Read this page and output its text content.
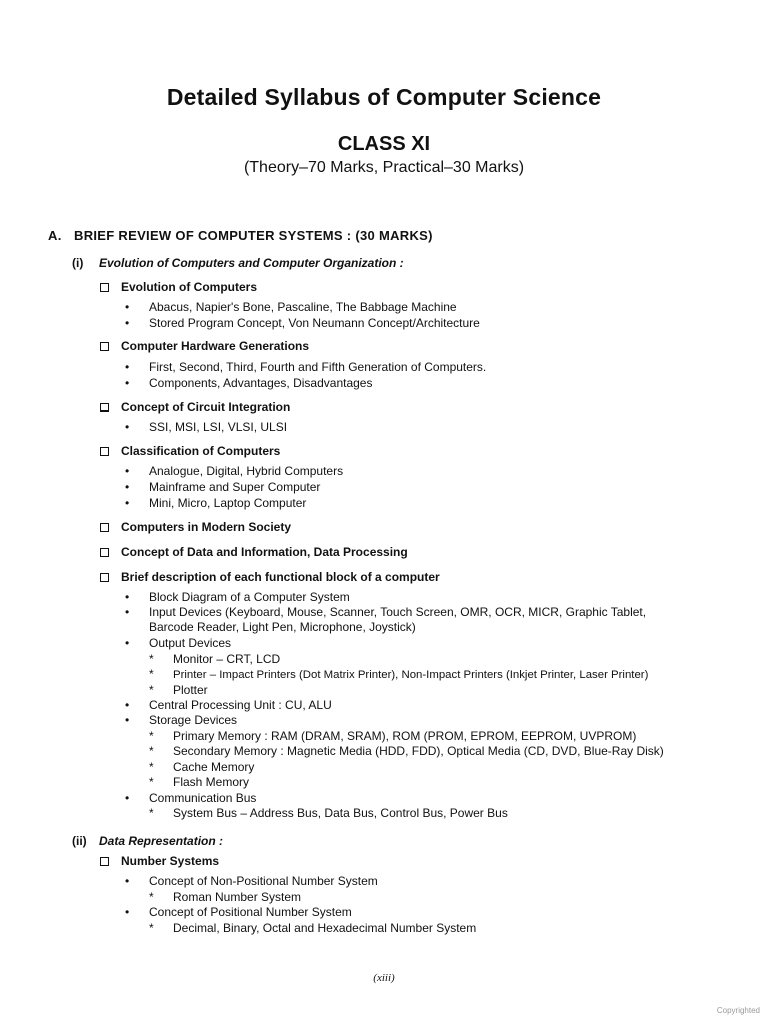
Detailed Syllabus of Computer Science
CLASS XI
(Theory–70 Marks, Practical–30 Marks)
A. BRIEF REVIEW OF COMPUTER SYSTEMS : (30 MARKS)
(i) Evolution of Computers and Computer Organization :
Evolution of Computers
• Abacus, Napier's Bone, Pascaline, The Babbage Machine
• Stored Program Concept, Von Neumann Concept/Architecture
Computer Hardware Generations
• First, Second, Third, Fourth and Fifth Generation of Computers.
• Components, Advantages, Disadvantages
Concept of Circuit Integration
• SSI, MSI, LSI, VLSI, ULSI
Classification of Computers
• Analogue, Digital, Hybrid Computers
• Mainframe and Super Computer
• Mini, Micro, Laptop Computer
Computers in Modern Society
Concept of Data and Information, Data Processing
Brief description of each functional block of a computer
• Block Diagram of a Computer System
• Input Devices (Keyboard, Mouse, Scanner, Touch Screen, OMR, OCR, MICR, Graphic Tablet,
Barcode Reader, Light Pen, Microphone, Joystick)
• Output Devices
* Monitor – CRT, LCD
* Printer – Impact Printers (Dot Matrix Printer), Non-Impact Printers (Inkjet Printer, Laser Printer)
* Plotter
• Central Processing Unit : CU, ALU
• Storage Devices
* Primary Memory : RAM (DRAM, SRAM), ROM (PROM, EPROM, EEPROM, UVPROM)
* Secondary Memory : Magnetic Media (HDD, FDD), Optical Media (CD, DVD, Blue-Ray Disk)
* Cache Memory
* Flash Memory
• Communication Bus
* System Bus – Address Bus, Data Bus, Control Bus, Power Bus
(ii) Data Representation :
Number Systems
• Concept of Non-Positional Number System
* Roman Number System
• Concept of Positional Number System
* Decimal, Binary, Octal and Hexadecimal Number System
(xiii)
Copyrighted
